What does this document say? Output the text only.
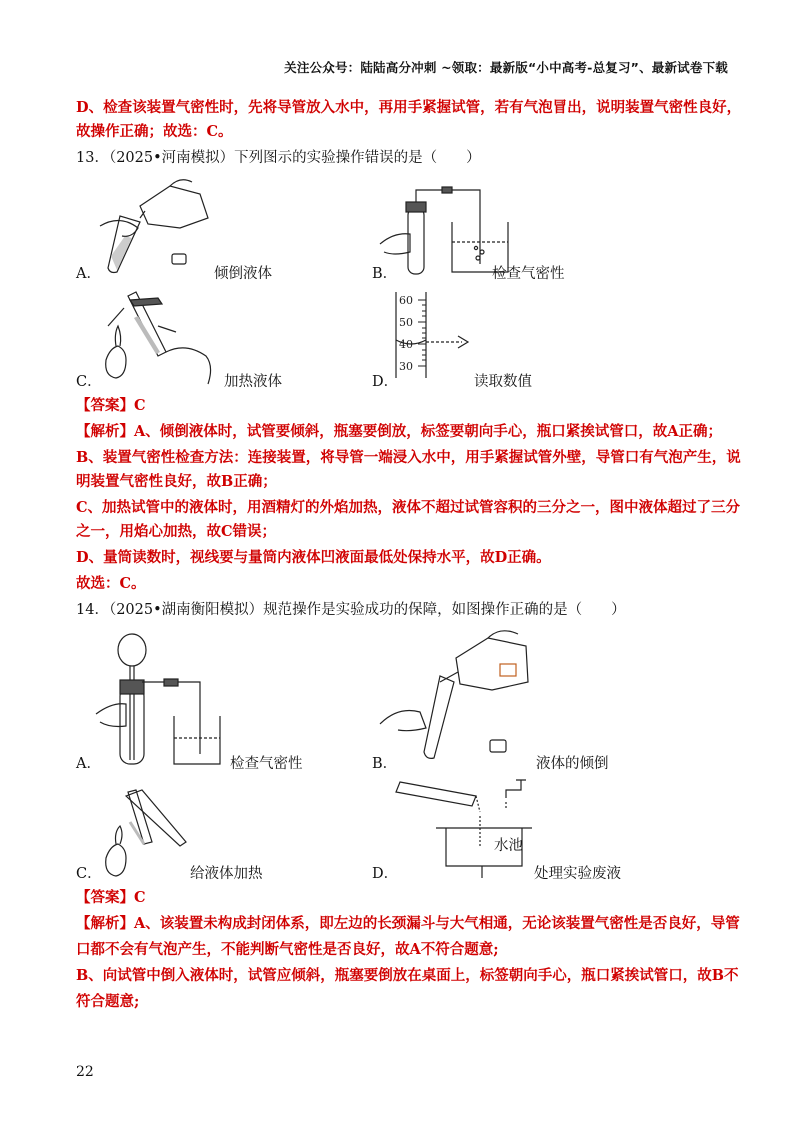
关注公众号：陆陆高分冲刺 ~领取：最新版“小中高考-总复习”、最新试卷下载
D、检查该装置气密性时，先将导管放入水中，再用手紧握试管，若有气泡冒出，说明装置气密性良好，
故操作正确；故选：C。
13．（2025•河南模拟）下列图示的实验操作错误的是（　　）
A．	倾倒液体	B．	检查气密性
C．	加热液体
60
50
40
30
D．	读取数值
【答案】C
【解析】A、倾倒液体时，试管要倾斜，瓶塞要倒放，标签要朝向手心，瓶口紧挨试管口，故A正确；
B、装置气密性检查方法：连接装置，将导管一端浸入水中，用手紧握试管外壁，导管口有气泡产生，说
明装置气密性良好，故B正确；
C、加热试管中的液体时，用酒精灯的外焰加热，液体不超过试管容积的三分之一，图中液体超过了三分
之一，用焰心加热，故C错误；
D、量筒读数时，视线要与量筒内液体凹液面最低处保持水平，故D正确。
故选：C。
14．（2025•湖南衡阳模拟）规范操作是实验成功的保障，如图操作正确的是（　　）
A．	检查气密性	B．	液体的倾倒
C．	给液体加热
水池
D．	处理实验废液
【答案】C
【解析】A、该装置未构成封闭体系，即左边的长颈漏斗与大气相通，无论该装置气密性是否良好，导管
口都不会有气泡产生，不能判断气密性是否良好，故A不符合题意;
B、向试管中倒入液体时，试管应倾斜，瓶塞要倒放在桌面上，标签朝向手心，瓶口紧挨试管口，故B不
符合题意;
22
